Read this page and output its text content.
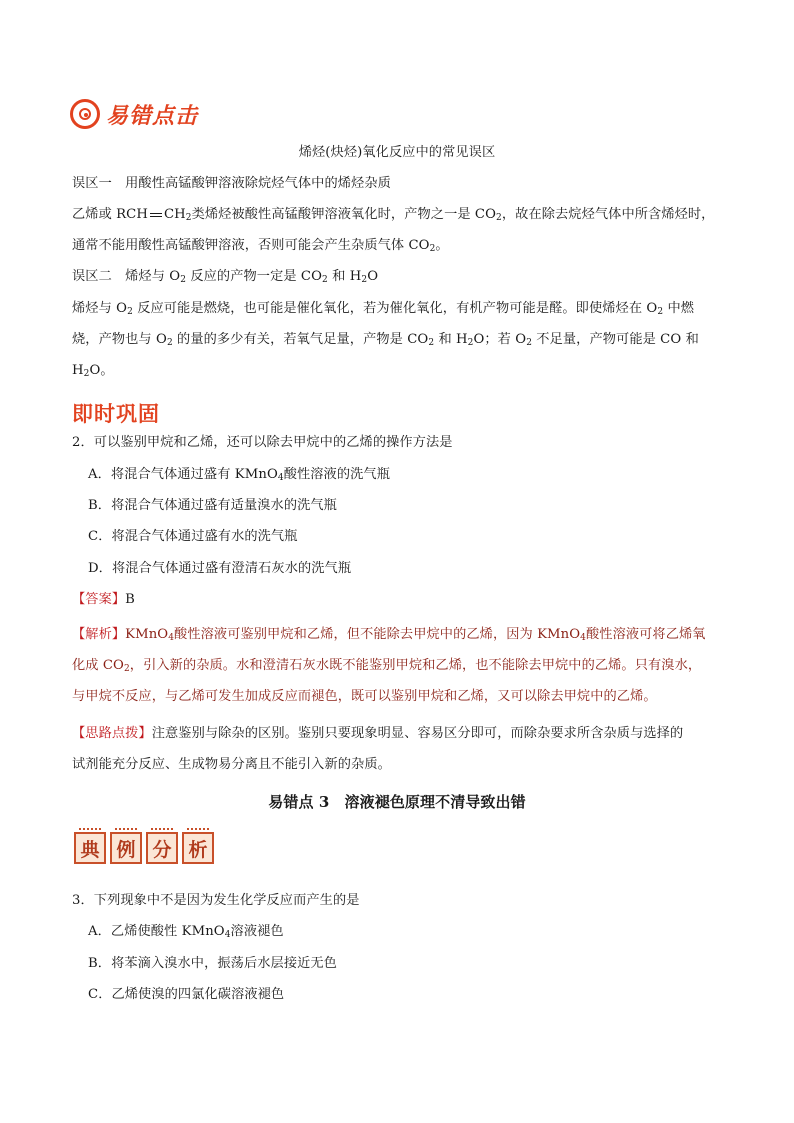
易错点击
烯烃(炔烃)氧化反应中的常见误区
误区一　用酸性高锰酸钾溶液除烷烃气体中的烯烃杂质
乙烯或 RCH $CH_2$类烯烃被酸性高锰酸钾溶液氧化时，产物之一是 $CO_2$，故在除去烷烃气体中所含烯烃时，
通常不能用酸性高锰酸钾溶液，否则可能会产生杂质气体 $CO_2$。
误区二　烯烃与 $O_2$ 反应的产物一定是 $CO_2$ 和 $H_2O$
烯烃与 $O_2$ 反应可能是燃烧，也可能是催化氧化，若为催化氧化，有机产物可能是醛。即使烯烃在 $O_2$ 中燃
烧，产物也与 $O_2$ 的量的多少有关，若氧气足量，产物是 $CO_2$ 和 $H_2O$；若 $O_2$ 不足量，产物可能是 CO 和
$H_2O$。
即时巩固
2．可以鉴别甲烷和乙烯，还可以除去甲烷中的乙烯的操作方法是
A．将混合气体通过盛有 KMnO$_4$酸性溶液的洗气瓶
B．将混合气体通过盛有适量溴水的洗气瓶
C．将混合气体通过盛有水的洗气瓶
D．将混合气体通过盛有澄清石灰水的洗气瓶
【答案】B
【解析】KMnO$_4$酸性溶液可鉴别甲烷和乙烯，但不能除去甲烷中的乙烯，因为 KMnO$_4$酸性溶液可将乙烯氧
化成 $CO_2$，引入新的杂质。水和澄清石灰水既不能鉴别甲烷和乙烯，也不能除去甲烷中的乙烯。只有溴水，
与甲烷不反应，与乙烯可发生加成反应而褪色，既可以鉴别甲烷和乙烯，又可以除去甲烷中的乙烯。
【思路点拨】注意鉴别与除杂的区别。鉴别只要现象明显、容易区分即可，而除杂要求所含杂质与选择的
试剂能充分反应、生成物易分离且不能引入新的杂质。
易错点 3　溶液褪色原理不清导致出错
典 例 分 析
3．下列现象中不是因为发生化学反应而产生的是
A．乙烯使酸性 KMnO$_4$溶液褪色
B．将苯滴入溴水中，振荡后水层接近无色
C．乙烯使溴的四氯化碳溶液褪色
